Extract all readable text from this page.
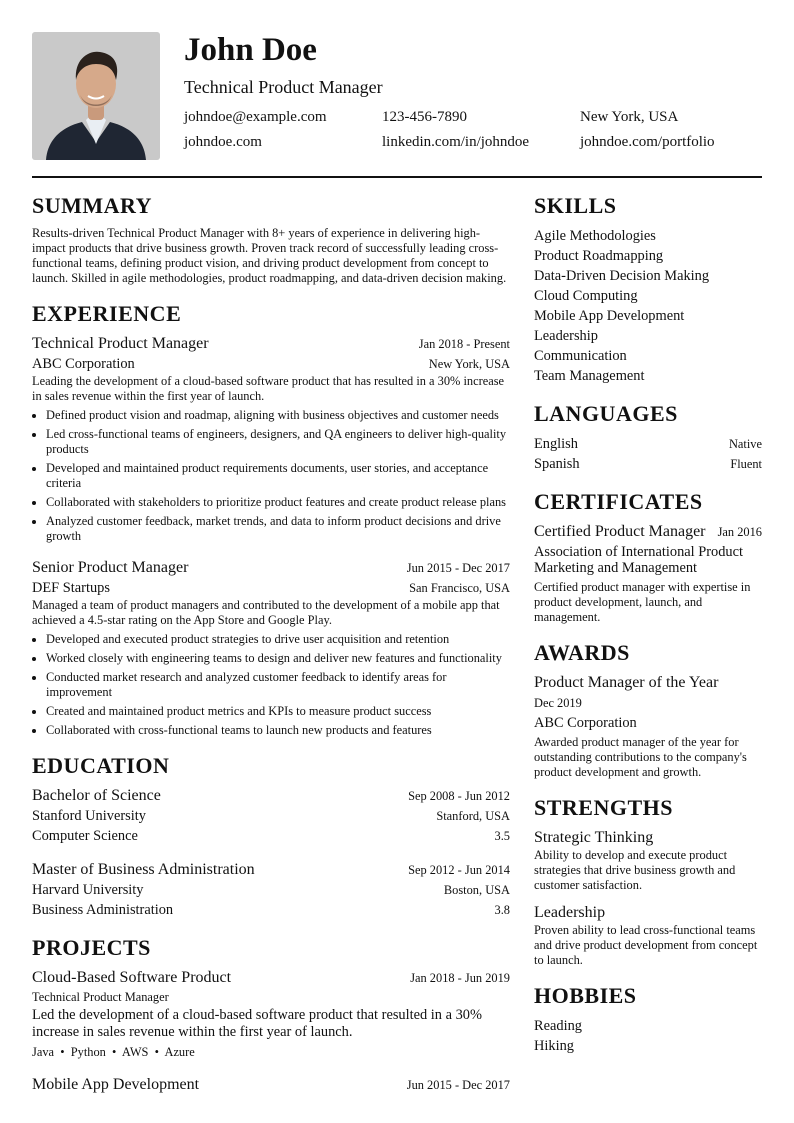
John Doe
Technical Product Manager
johndoe@example.com	123-456-7890	New York, USA
johndoe.com	linkedin.com/in/johndoe	johndoe.com/portfolio
SUMMARY

Results-driven Technical Product Manager with 8+ years of experience in delivering high-impact products that drive business growth. Proven track record of successfully leading cross-functional teams, defining product vision, and driving product development from concept to launch. Skilled in agile methodologies, product roadmapping, and data-driven decision making.

EXPERIENCE
Technical Product Manager	Jan 2018 - Present
ABC Corporation	New York, USA
Leading the development of a cloud-based software product that has resulted in a 30% increase in sales revenue within the first year of launch.
• Defined product vision and roadmap, aligning with business objectives and customer needs
• Led cross-functional teams of engineers, designers, and QA engineers to deliver high-quality products
• Developed and maintained product requirements documents, user stories, and acceptance criteria
• Collaborated with stakeholders to prioritize product features and create product release plans
• Analyzed customer feedback, market trends, and data to inform product decisions and drive growth
Senior Product Manager	Jun 2015 - Dec 2017
DEF Startups	San Francisco, USA
Managed a team of product managers and contributed to the development of a mobile app that achieved a 4.5-star rating on the App Store and Google Play.
• Developed and executed product strategies to drive user acquisition and retention
• Worked closely with engineering teams to design and deliver new features and functionality
• Conducted market research and analyzed customer feedback to identify areas for improvement
• Created and maintained product metrics and KPIs to measure product success
• Collaborated with cross-functional teams to launch new products and features
EDUCATION
Bachelor of Science	Sep 2008 - Jun 2012
Stanford University	Stanford, USA
Computer Science	3.5
Master of Business Administration	Sep 2012 - Jun 2014
Harvard University	Boston, USA
Business Administration	3.8
PROJECTS
Cloud-Based Software Product	Jan 2018 - Jun 2019
Technical Product Manager
Led the development of a cloud-based software product that resulted in a 30% increase in sales revenue within the first year of launch.
Java  •  Python  •  AWS  •  Azure
Mobile App Development	Jun 2015 - Dec 2017
SKILLS
Agile Methodologies
Product Roadmapping
Data-Driven Decision Making
Cloud Computing
Mobile App Development
Leadership
Communication
Team Management
LANGUAGES
English	Native
Spanish	Fluent
CERTIFICATES
Certified Product Manager Jan 2016
Association of International Product Marketing and Management
Certified product manager with expertise in product development, launch, and management.
AWARDS
Product Manager of the Year
Dec 2019
ABC Corporation
Awarded product manager of the year for outstanding contributions to the company's product development and growth.
STRENGTHS
Strategic Thinking
Ability to develop and execute product strategies that drive business growth and customer satisfaction.
Leadership
Proven ability to lead cross-functional teams and drive product development from concept to launch.
HOBBIES
Reading
Hiking
